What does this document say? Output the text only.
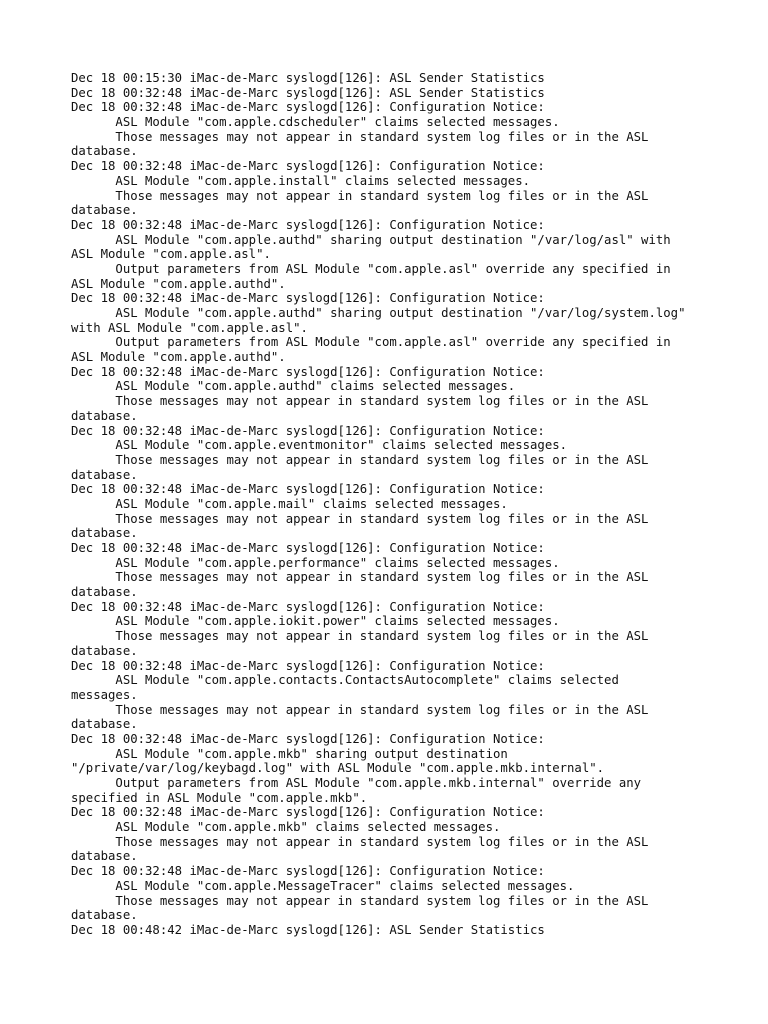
Dec 18 00:15:30 iMac-de-Marc syslogd[126]: ASL Sender Statistics
Dec 18 00:32:48 iMac-de-Marc syslogd[126]: ASL Sender Statistics
Dec 18 00:32:48 iMac-de-Marc syslogd[126]: Configuration Notice:
ASL Module "com.apple.cdscheduler" claims selected messages.
Those messages may not appear in standard system log files or in the ASL
database.
Dec 18 00:32:48 iMac-de-Marc syslogd[126]: Configuration Notice:
ASL Module "com.apple.install" claims selected messages.
Those messages may not appear in standard system log files or in the ASL
database.
Dec 18 00:32:48 iMac-de-Marc syslogd[126]: Configuration Notice:
ASL Module "com.apple.authd" sharing output destination "/var/log/asl" with
ASL Module "com.apple.asl".
Output parameters from ASL Module "com.apple.asl" override any specified in
ASL Module "com.apple.authd".
Dec 18 00:32:48 iMac-de-Marc syslogd[126]: Configuration Notice:
ASL Module "com.apple.authd" sharing output destination "/var/log/system.log"
with ASL Module "com.apple.asl".
Output parameters from ASL Module "com.apple.asl" override any specified in
ASL Module "com.apple.authd".
Dec 18 00:32:48 iMac-de-Marc syslogd[126]: Configuration Notice:
ASL Module "com.apple.authd" claims selected messages.
Those messages may not appear in standard system log files or in the ASL
database.
Dec 18 00:32:48 iMac-de-Marc syslogd[126]: Configuration Notice:
ASL Module "com.apple.eventmonitor" claims selected messages.
Those messages may not appear in standard system log files or in the ASL
database.
Dec 18 00:32:48 iMac-de-Marc syslogd[126]: Configuration Notice:
ASL Module "com.apple.mail" claims selected messages.
Those messages may not appear in standard system log files or in the ASL
database.
Dec 18 00:32:48 iMac-de-Marc syslogd[126]: Configuration Notice:
ASL Module "com.apple.performance" claims selected messages.
Those messages may not appear in standard system log files or in the ASL
database.
Dec 18 00:32:48 iMac-de-Marc syslogd[126]: Configuration Notice:
ASL Module "com.apple.iokit.power" claims selected messages.
Those messages may not appear in standard system log files or in the ASL
database.
Dec 18 00:32:48 iMac-de-Marc syslogd[126]: Configuration Notice:
ASL Module "com.apple.contacts.ContactsAutocomplete" claims selected
messages.
Those messages may not appear in standard system log files or in the ASL
database.
Dec 18 00:32:48 iMac-de-Marc syslogd[126]: Configuration Notice:
ASL Module "com.apple.mkb" sharing output destination
"/private/var/log/keybagd.log" with ASL Module "com.apple.mkb.internal".
Output parameters from ASL Module "com.apple.mkb.internal" override any
specified in ASL Module "com.apple.mkb".
Dec 18 00:32:48 iMac-de-Marc syslogd[126]: Configuration Notice:
ASL Module "com.apple.mkb" claims selected messages.
Those messages may not appear in standard system log files or in the ASL
database.
Dec 18 00:32:48 iMac-de-Marc syslogd[126]: Configuration Notice:
ASL Module "com.apple.MessageTracer" claims selected messages.
Those messages may not appear in standard system log files or in the ASL
database.
Dec 18 00:48:42 iMac-de-Marc syslogd[126]: ASL Sender Statistics
